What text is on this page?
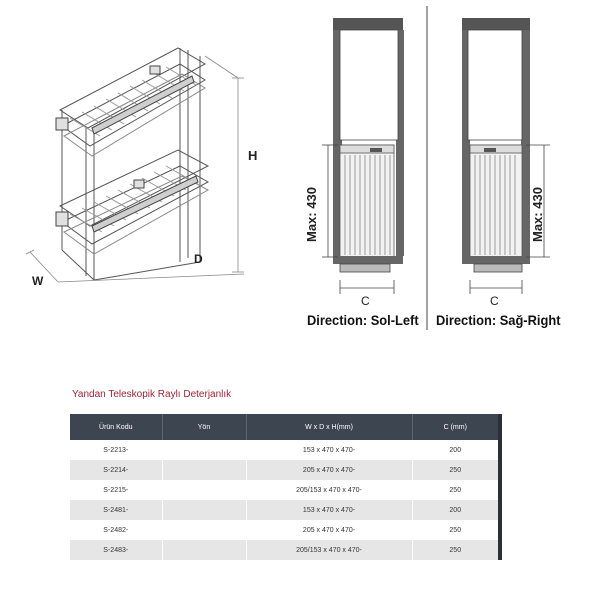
H
W
D
Max: 430
C
Max: 430
C
Direction: Sol-Left Direction: Sağ-Right
Yandan Teleskopik Raylı Deterjanlık
Ürün Kodu	Yön	W x D x H(mm)	C (mm)
S-2213-		153 x 470 x 470-	200
S-2214-		205 x 470 x 470-	250
S-2215-		205/153 x 470 x 470-	250
S-2481-		153 x 470 x 470-	200
S-2482-		205 x 470 x 470-	250
S-2483-		205/153 x 470 x 470-	250
